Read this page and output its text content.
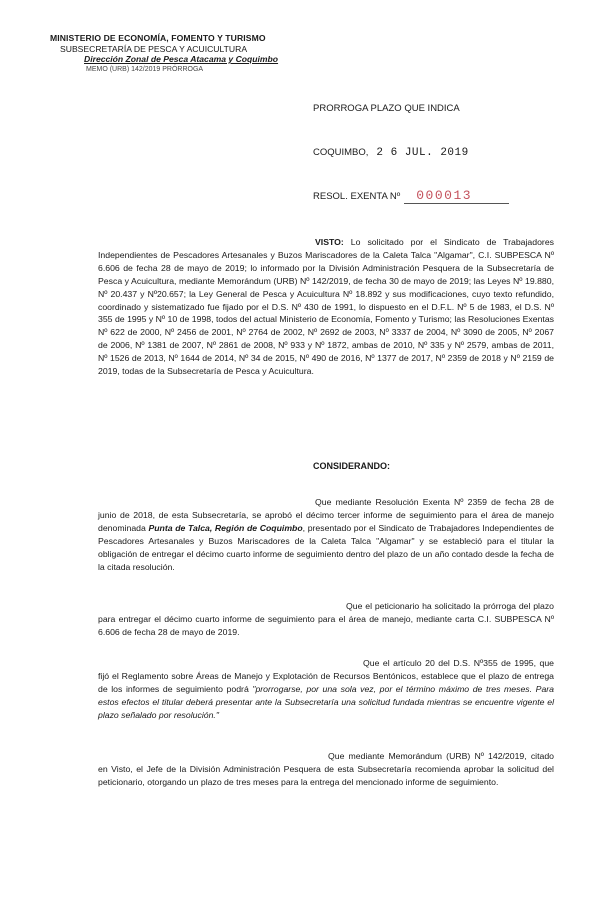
MINISTERIO DE ECONOMÍA, FOMENTO Y TURISMO
SUBSECRETARÍA DE PESCA Y ACUICULTURA
Dirección Zonal de Pesca Atacama y Coquimbo
MEMO (URB) 142/2019 PRÓRROGA
PRORROGA PLAZO QUE INDICA
COQUIMBO, 2 6 JUL. 2019
RESOL. EXENTA Nº 000013
VISTO: Lo solicitado por el Sindicato de Trabajadores Independientes de Pescadores Artesanales y Buzos Mariscadores de la Caleta Talca "Algamar", C.I. SUBPESCA Nº 6.606 de fecha 28 de mayo de 2019; lo informado por la División Administración Pesquera de la Subsecretaría de Pesca y Acuicultura, mediante Memorándum (URB) Nº 142/2019, de fecha 30 de mayo de 2019; las Leyes Nº 19.880, Nº 20.437 y Nº20.657; la Ley General de Pesca y Acuicultura Nº 18.892 y sus modificaciones, cuyo texto refundido, coordinado y sistematizado fue fijado por el D.S. Nº 430 de 1991, lo dispuesto en el D.F.L. Nº 5 de 1983, el D.S. Nº 355 de 1995 y Nº 10 de 1998, todos del actual Ministerio de Economía, Fomento y Turismo; las Resoluciones Exentas Nº 622 de 2000, Nº 2456 de 2001, Nº 2764 de 2002, Nº 2692 de 2003, Nº 3337 de 2004, Nº 3090 de 2005, Nº 2067 de 2006, Nº 1381 de 2007, Nº 2861 de 2008, Nº 933 y Nº 1872, ambas de 2010, Nº 335 y Nº 2579, ambas de 2011, Nº 1526 de 2013, Nº 1644 de 2014, Nº 34 de 2015, Nº 490 de 2016, Nº 1377 de 2017, Nº 2359 de 2018 y Nº 2159 de 2019, todas de la Subsecretaría de Pesca y Acuicultura.
CONSIDERANDO:
Que mediante Resolución Exenta Nº 2359 de fecha 28 de junio de 2018, de esta Subsecretaría, se aprobó el décimo tercer informe de seguimiento para el área de manejo denominada Punta de Talca, Región de Coquimbo, presentado por el Sindicato de Trabajadores Independientes de Pescadores Artesanales y Buzos Mariscadores de la Caleta Talca "Algamar" y se estableció para el titular la obligación de entregar el décimo cuarto informe de seguimiento dentro del plazo de un año contado desde la fecha de la citada resolución.
Que el peticionario ha solicitado la prórroga del plazo para entregar el décimo cuarto informe de seguimiento para el área de manejo, mediante carta C.I. SUBPESCA Nº 6.606 de fecha 28 de mayo de 2019.
Que el artículo 20 del D.S. Nº355 de 1995, que fijó el Reglamento sobre Áreas de Manejo y Explotación de Recursos Bentónicos, establece que el plazo de entrega de los informes de seguimiento podrá "prorrogarse, por una sola vez, por el término máximo de tres meses. Para estos efectos el titular deberá presentar ante la Subsecretaría una solicitud fundada mientras se encuentre vigente el plazo señalado por resolución."
Que mediante Memorándum (URB) Nº 142/2019, citado en Visto, el Jefe de la División Administración Pesquera de esta Subsecretaría recomienda aprobar la solicitud del peticionario, otorgando un plazo de tres meses para la entrega del mencionado informe de seguimiento.
